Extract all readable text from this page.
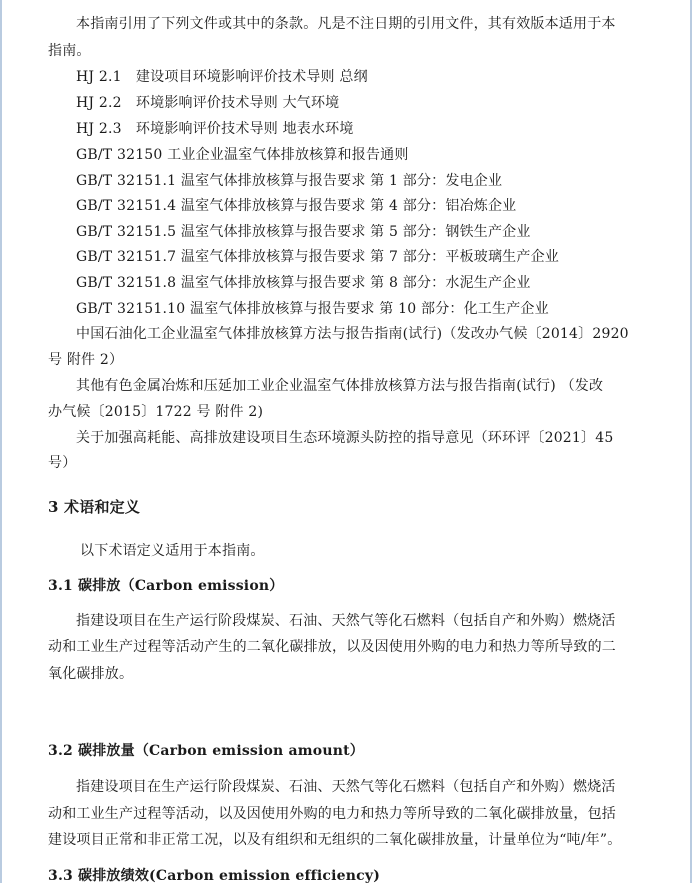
本指南引用了下列文件或其中的条款。凡是不注日期的引用文件，其有效版本适用于本
指南。
HJ 2.1　建设项目环境影响评价技术导则 总纲
HJ 2.2　环境影响评价技术导则 大气环境
HJ 2.3　环境影响评价技术导则 地表水环境
GB/T 32150 工业企业温室气体排放核算和报告通则
GB/T 32151.1 温室气体排放核算与报告要求 第 1 部分：发电企业
GB/T 32151.4 温室气体排放核算与报告要求 第 4 部分：铝冶炼企业
GB/T 32151.5 温室气体排放核算与报告要求 第 5 部分：钢铁生产企业
GB/T 32151.7 温室气体排放核算与报告要求 第 7 部分：平板玻璃生产企业
GB/T 32151.8 温室气体排放核算与报告要求 第 8 部分：水泥生产企业
GB/T 32151.10 温室气体排放核算与报告要求 第 10 部分：化工生产企业
中国石油化工企业温室气体排放核算方法与报告指南(试行)（发改办气候〔2014〕2920
号 附件 2）
其他有色金属冶炼和压延加工业企业温室气体排放核算方法与报告指南(试行) （发改
办气候〔2015〕1722 号 附件 2)
关于加强高耗能、高排放建设项目生态环境源头防控的指导意见（环环评〔2021〕45
号）
3 术语和定义
以下术语定义适用于本指南。
3.1 碳排放（Carbon emission）
指建设项目在生产运行阶段煤炭、石油、天然气等化石燃料（包括自产和外购）燃烧活
动和工业生产过程等活动产生的二氧化碳排放，以及因使用外购的电力和热力等所导致的二
氧化碳排放。
3.2 碳排放量（Carbon emission amount）
指建设项目在生产运行阶段煤炭、石油、天然气等化石燃料（包括自产和外购）燃烧活
动和工业生产过程等活动，以及因使用外购的电力和热力等所导致的二氧化碳排放量，包括
建设项目正常和非正常工况，以及有组织和无组织的二氧化碳排放量，计量单位为“吨/年”。
3.3 碳排放绩效(Carbon emission efficiency)
